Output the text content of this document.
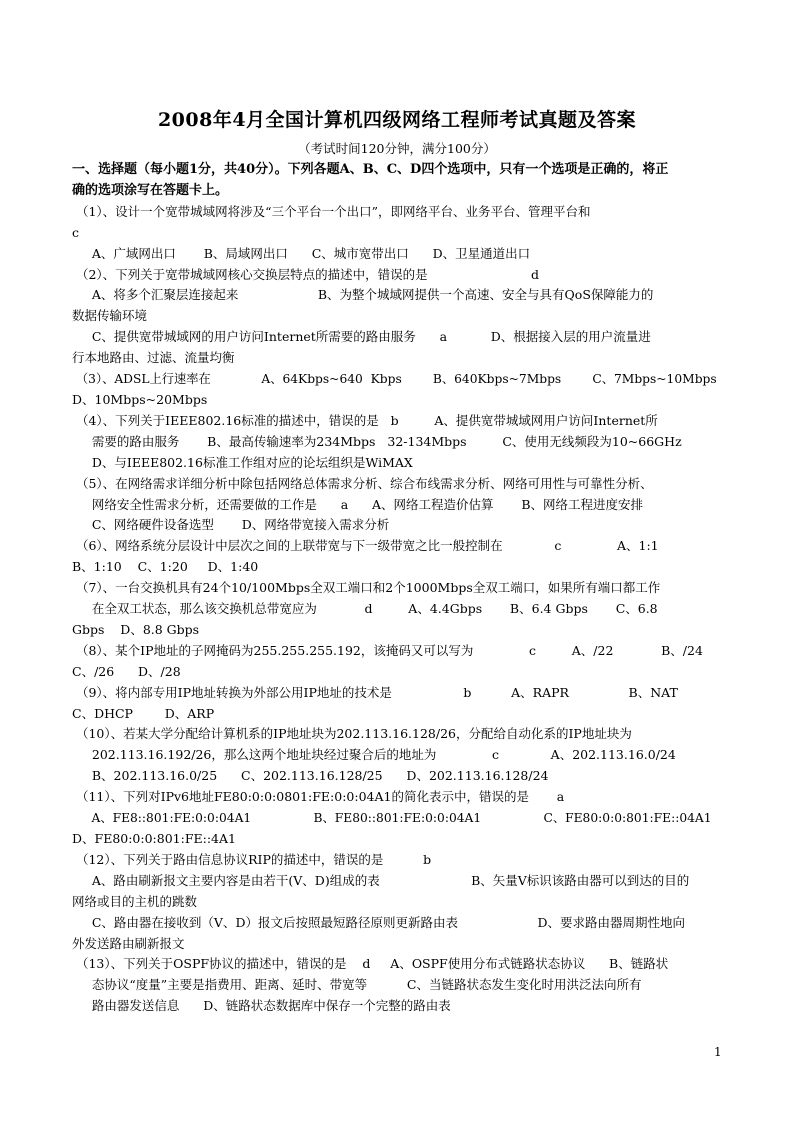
2008年4月全国计算机四级网络工程师考试真题及答案
（考试时间120分钟，满分100分）
一、选择题（每小题1分，共40分）。下列各题A、B、C、D四个选项中，只有一个选项是正确的，将正
确的选项涂写在答题卡上。
（1）、设计一个宽带城域网将涉及“三个平台一个出口”，即网络平台、业务平台、管理平台和
c
A、广域网出口       B、局域网出口      C、城市宽带出口      D、卫星通道出口
（2）、下列关于宽带城域网核心交换层特点的描述中，错误的是                          d
A、将多个汇聚层连接起来                    B、为整个城域网提供一个高速、安全与具有QoS保障能力的
数据传输环境
C、提供宽带城域网的用户访问Internet所需要的路由服务      a           D、根据接入层的用户流量进
行本地路由、过滤、流量均衡
（3）、ADSL上行速率在             A、64Kbps~640  Kbps        B、640Kbps~7Mbps        C、7Mbps~10Mbps
D、10Mbps~20Mbps
（4）、下列关于IEEE802.16标准的描述中，错误的是   b         A、提供宽带城域网用户访问Internet所
需要的路由服务       B、最高传输速率为234Mbps   32-134Mbps         C、使用无线频段为10~66GHz
D、与IEEE802.16标准工作组对应的论坛组织是WiMAX
（5）、在网络需求详细分析中除包括网络总体需求分析、综合布线需求分析、网络可用性与可靠性分析、
网络安全性需求分析，还需要做的工作是      a      A、网络工程造价估算       B、网络工程进度安排
C、网络硬件设备选型       D、网络带宽接入需求分析
（6）、网络系统分层设计中层次之间的上联带宽与下一级带宽之比一般控制在             c              A、1:1
B、1:10    C、1:20     D、1:40
（7）、一台交换机具有24个10/100Mbps全双工端口和2个1000Mbps全双工端口，如果所有端口都工作
在全双工状态，那么该交换机总带宽应为            d         A、4.4Gbps       B、6.4 Gbps       C、6.8
Gbps    D、8.8 Gbps
（8）、某个IP地址的子网掩码为255.255.255.192，该掩码又可以写为              c         A、/22            B、/24
C、/26      D、/28
（9）、将内部专用IP地址转换为外部公用IP地址的技术是                  b          A、RAPR               B、NAT
C、DHCP        D、ARP
（10）、若某大学分配给计算机系的IP地址块为202.113.16.128/26，分配给自动化系的IP地址块为
202.113.16.192/26，那么这两个地址块经过聚合后的地址为              c             A、202.113.16.0/24
B、202.113.16.0/25      C、202.113.16.128/25      D、202.113.16.128/24
（11）、下列对IPv6地址FE80:0:0:0801:FE:0:0:04A1的简化表示中，错误的是       a
A、FE8::801:FE:0:0:04A1                B、FE80::801:FE:0:0:04A1                C、FE80:0:0:801:FE::04A1
D、FE80:0:0:801:FE::4A1
（12）、下列关于路由信息协议RIP的描述中，错误的是          b
A、路由刷新报文主要内容是由若干(V、D)组成的表                       B、矢量V标识该路由器可以到达的目的
网络或目的主机的跳数
C、路由器在接收到（V、D）报文后按照最短路径原则更新路由表                    D、要求路由器周期性地向
外发送路由刷新报文
（13）、下列关于OSPF协议的描述中，错误的是    d     A、OSPF使用分布式链路状态协议      B、链路状
态协议“度量”主要是指费用、距离、延时、带宽等          C、当链路状态发生变化时用洪泛法向所有
路由器发送信息      D、链路状态数据库中保存一个完整的路由表
1
